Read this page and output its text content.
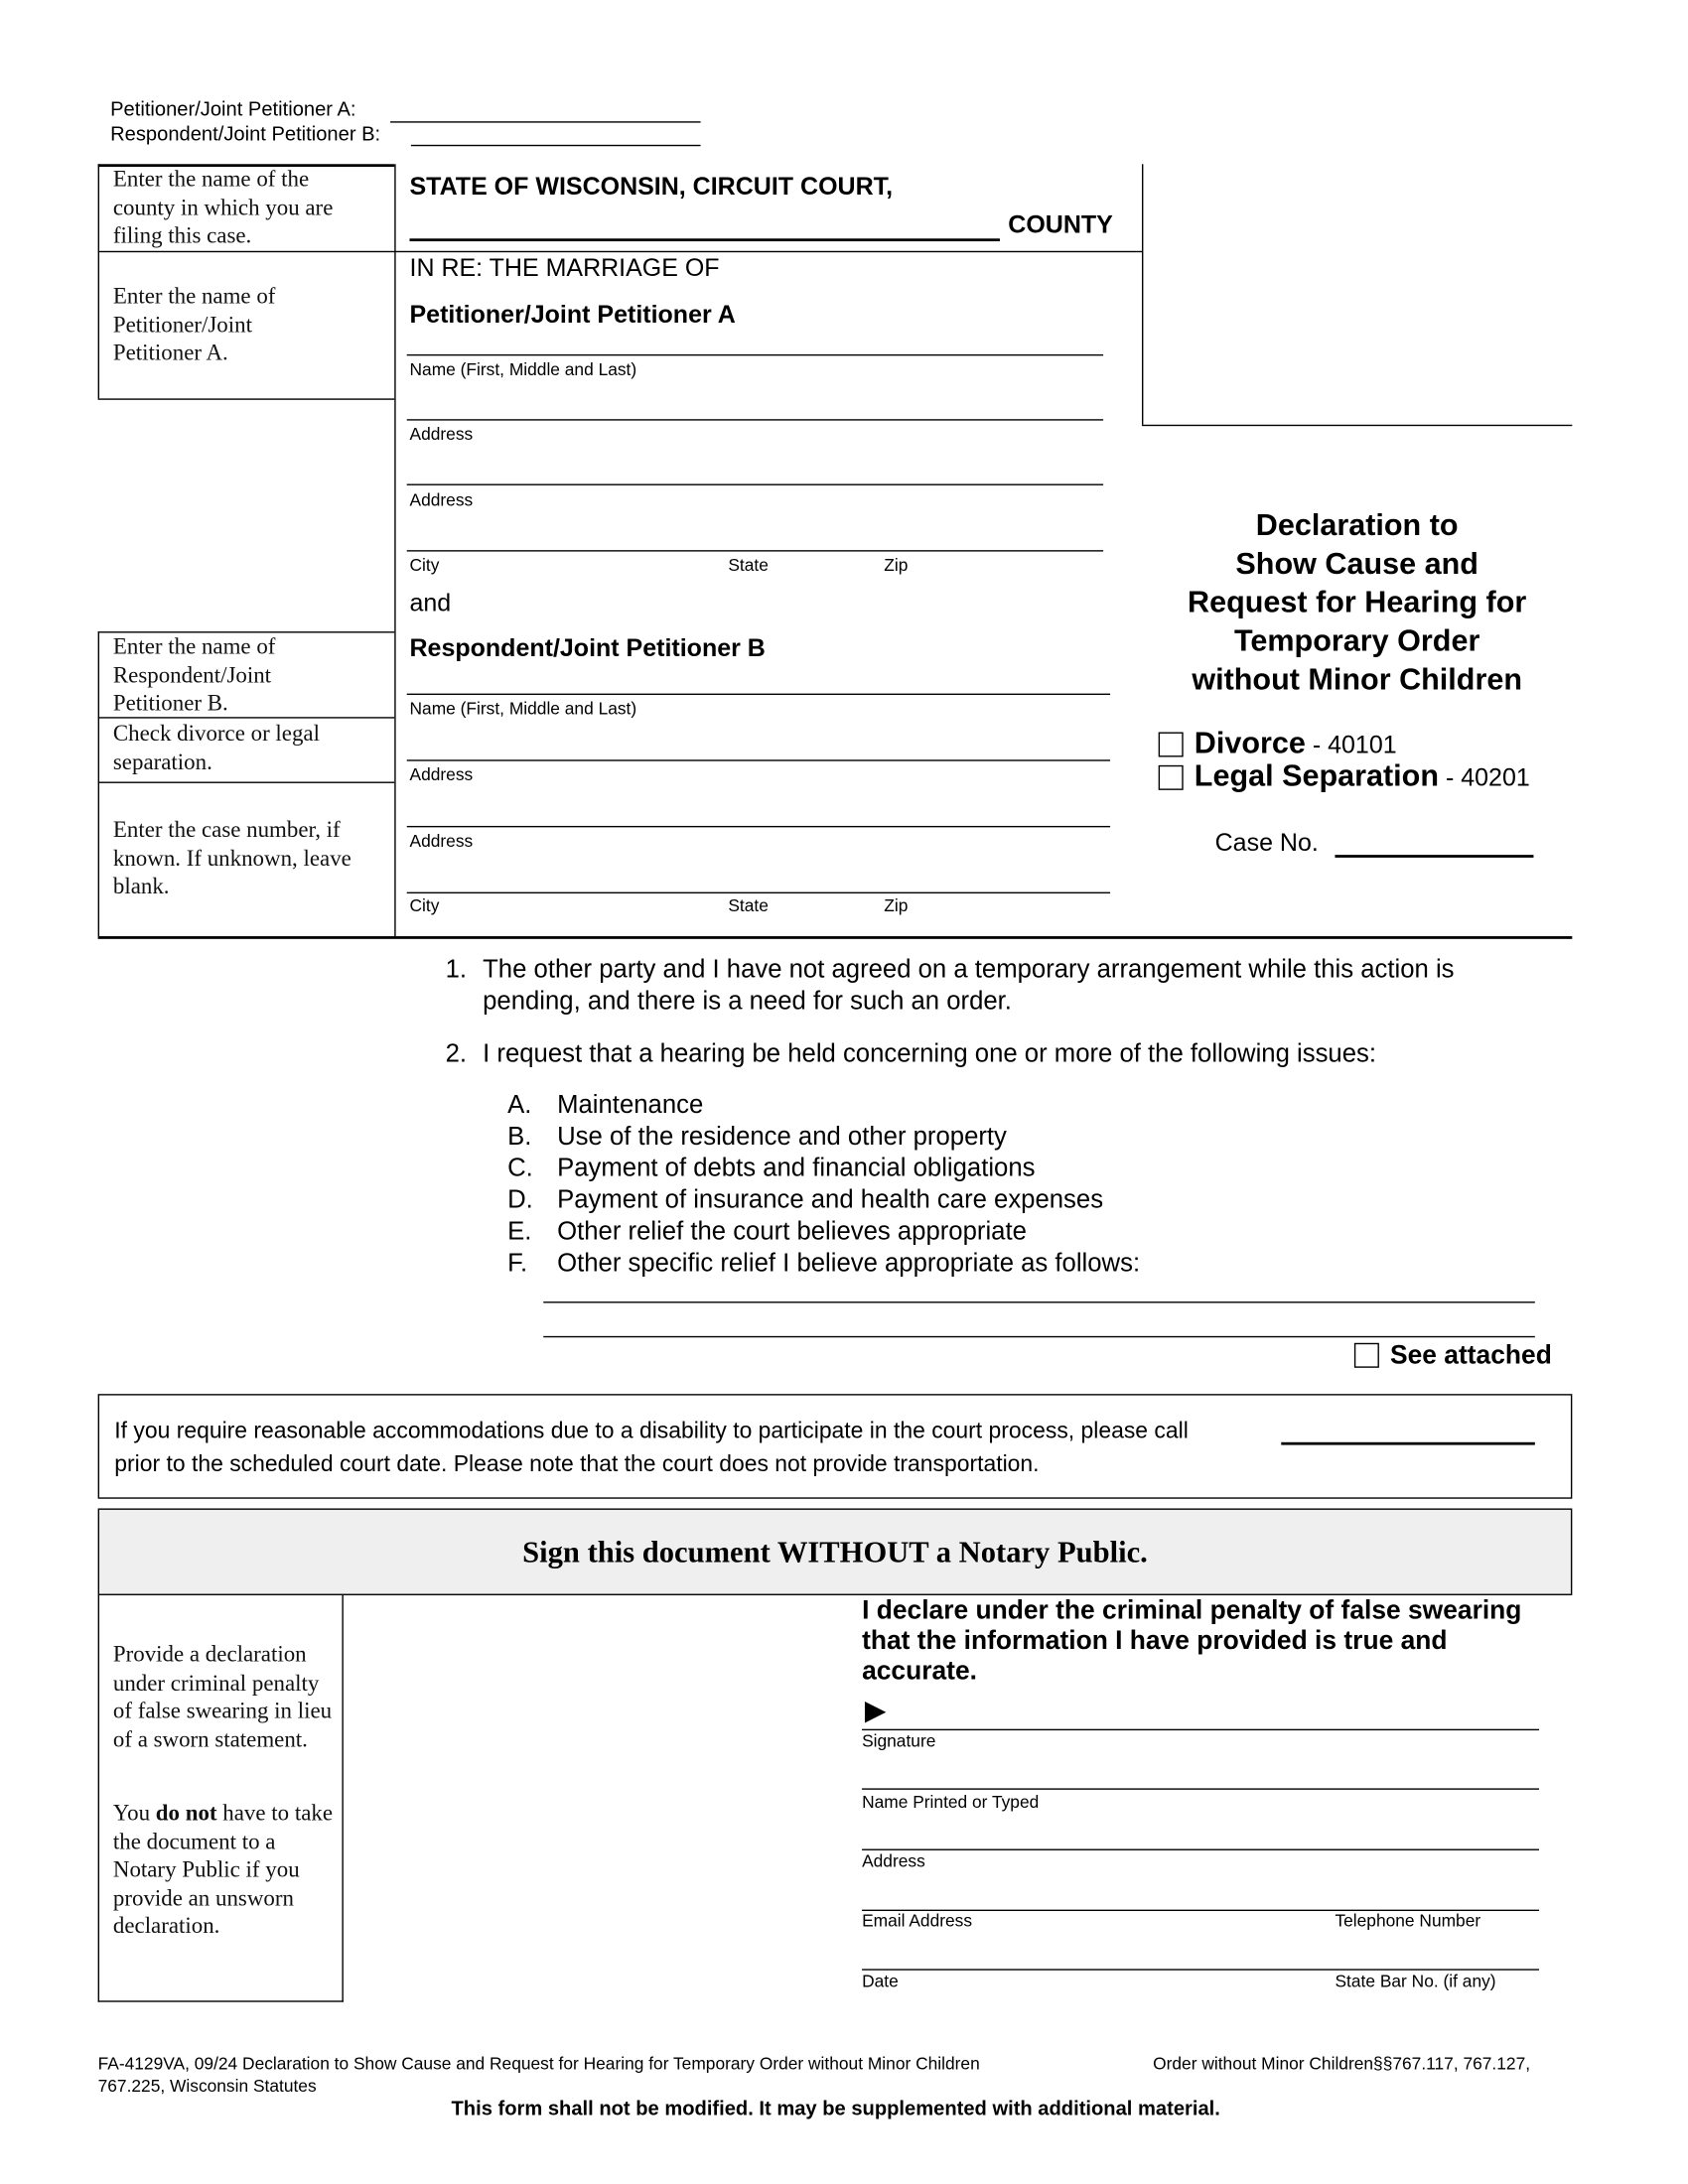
Petitioner/Joint Petitioner A:
Respondent/Joint Petitioner B:
Enter the name of the county in which you are filing this case.
Enter the name of Petitioner/Joint Petitioner A.
Enter the name of Respondent/Joint Petitioner B.
Check divorce or legal separation.
Enter the case number, if known. If unknown, leave blank.
STATE OF WISCONSIN, CIRCUIT COURT,
COUNTY
IN RE: THE MARRIAGE OF
Petitioner/Joint Petitioner A
Name (First, Middle and Last)
Address
Address
City	State	Zip
and
Respondent/Joint Petitioner B
Name (First, Middle and Last)
Address
Address
City	State	Zip
Declaration to
Show Cause and
Request for Hearing for
Temporary Order
without Minor Children
Divorce - 40101
Legal Separation - 40201
Case No.
1. The other party and I have not agreed on a temporary arrangement while this action is
pending, and there is a need for such an order.
2. I request that a hearing be held concerning one or more of the following issues:
A. Maintenance
B. Use of the residence and other property
C. Payment of debts and financial obligations
D. Payment of insurance and health care expenses
E. Other relief the court believes appropriate
F. Other specific relief I believe appropriate as follows:
See attached
If you require reasonable accommodations due to a disability to participate in the court process, please call
prior to the scheduled court date. Please note that the court does not provide transportation.
Sign this document WITHOUT a Notary Public.
Provide a declaration under criminal penalty of false swearing in lieu of a sworn statement.
You do not have to take the document to a Notary Public if you provide an unsworn declaration.
I declare under the criminal penalty of false swearing that the information I have provided is true and accurate.
▶
Signature
Name Printed or Typed
Address
Email Address	Telephone Number
Date	State Bar No. (if any)
FA-4129VA, 09/24 Declaration to Show Cause and Request for Hearing for Temporary Order without Minor Children	Order without Minor Children§§767.117, 767.127,
767.225, Wisconsin Statutes
This form shall not be modified. It may be supplemented with additional material.
